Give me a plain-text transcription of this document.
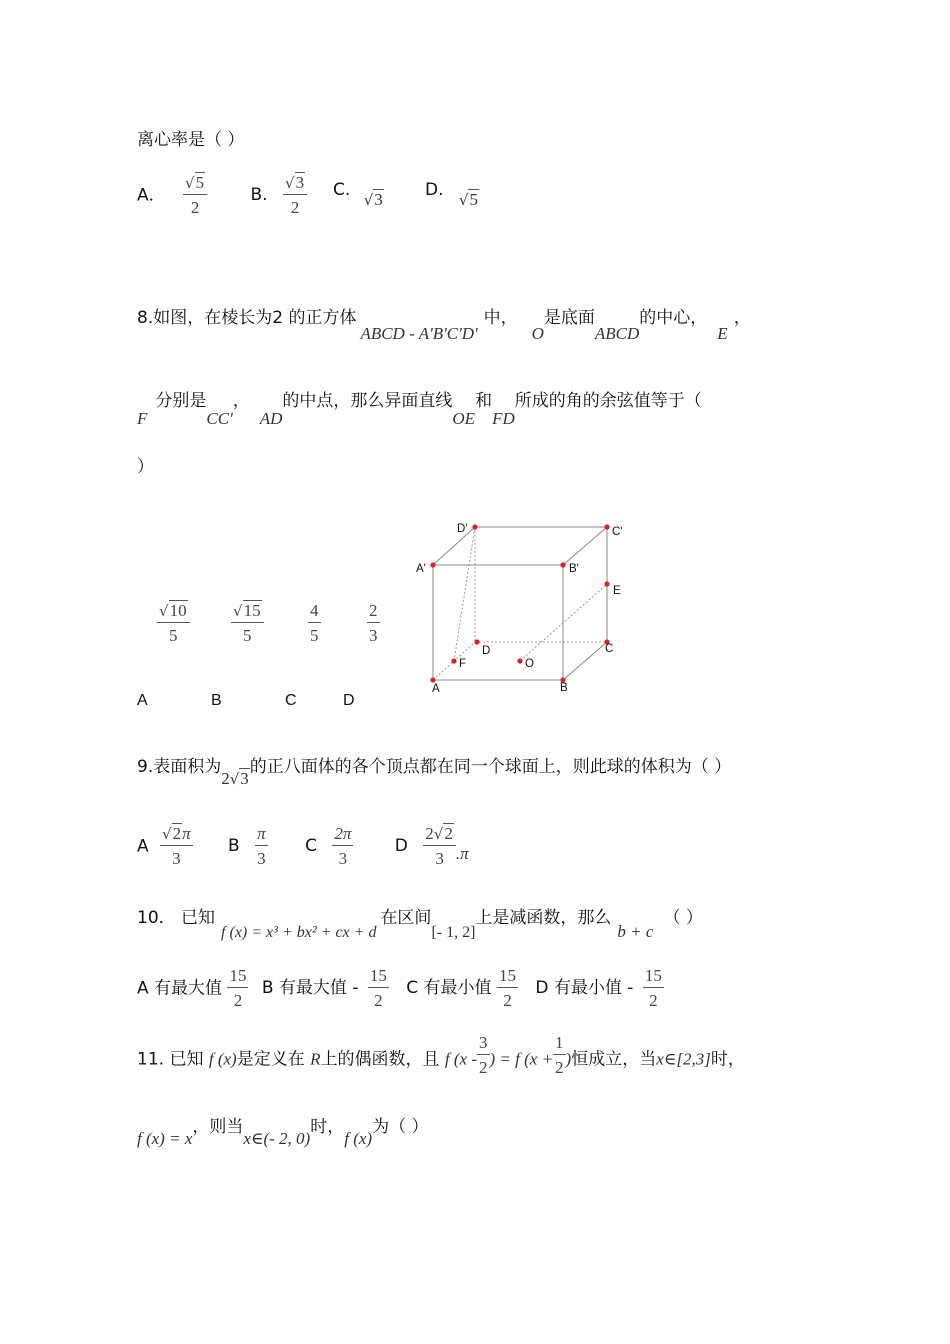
离心率是（ ）
A． $\frac{√5}{2}$	B. $\frac{√3}{2} C$. √3 D. √5
8.如图，在棱长为2 的正方体ABCD - A'B'C'D'中，O是底面ABCD的中心，E，
F分别是CC'，AD的中点，那么异面直线OE和FD所成的角的余弦值等于（
）
$\frac{√10}{5}$	$\frac{√15}{5}$	$\frac{4}{5}$	$\frac{2}{3}$
A	B	C	D
D'	C'
A'	B'
E
D	C
F	O
A	B
9.表面积为2√3的正八面体的各个顶点都在同一个球面上，则此球的体积为（ ）
A $\frac{√2\pi}{3}$ B $\frac{\pi}{3}$ C $\frac{2\pi}{3}$ D $\frac{2√2}{3} .\pi$
10． 已知f (x) = x³ + bx² + cx + d在区间[- 1, 2]上是减函数，那么b + c（ ）
A 有最大值 $\frac{15}{2}$ B 有最大值 - $\frac{15}{2}$ C 有最小值 $\frac{15}{2}$ D 有最小值 - $\frac{15}{2}$
11. 已知 f (x)是定义在 R上的偶函数，且 f ($x - \frac{3}{2}$ ) = f ($x + \frac{1}{2}$ )恒成立，当x∈[2,3]时，
f (x) = x，则当x∈(- 2, 0)时，f (x)为（ ）
